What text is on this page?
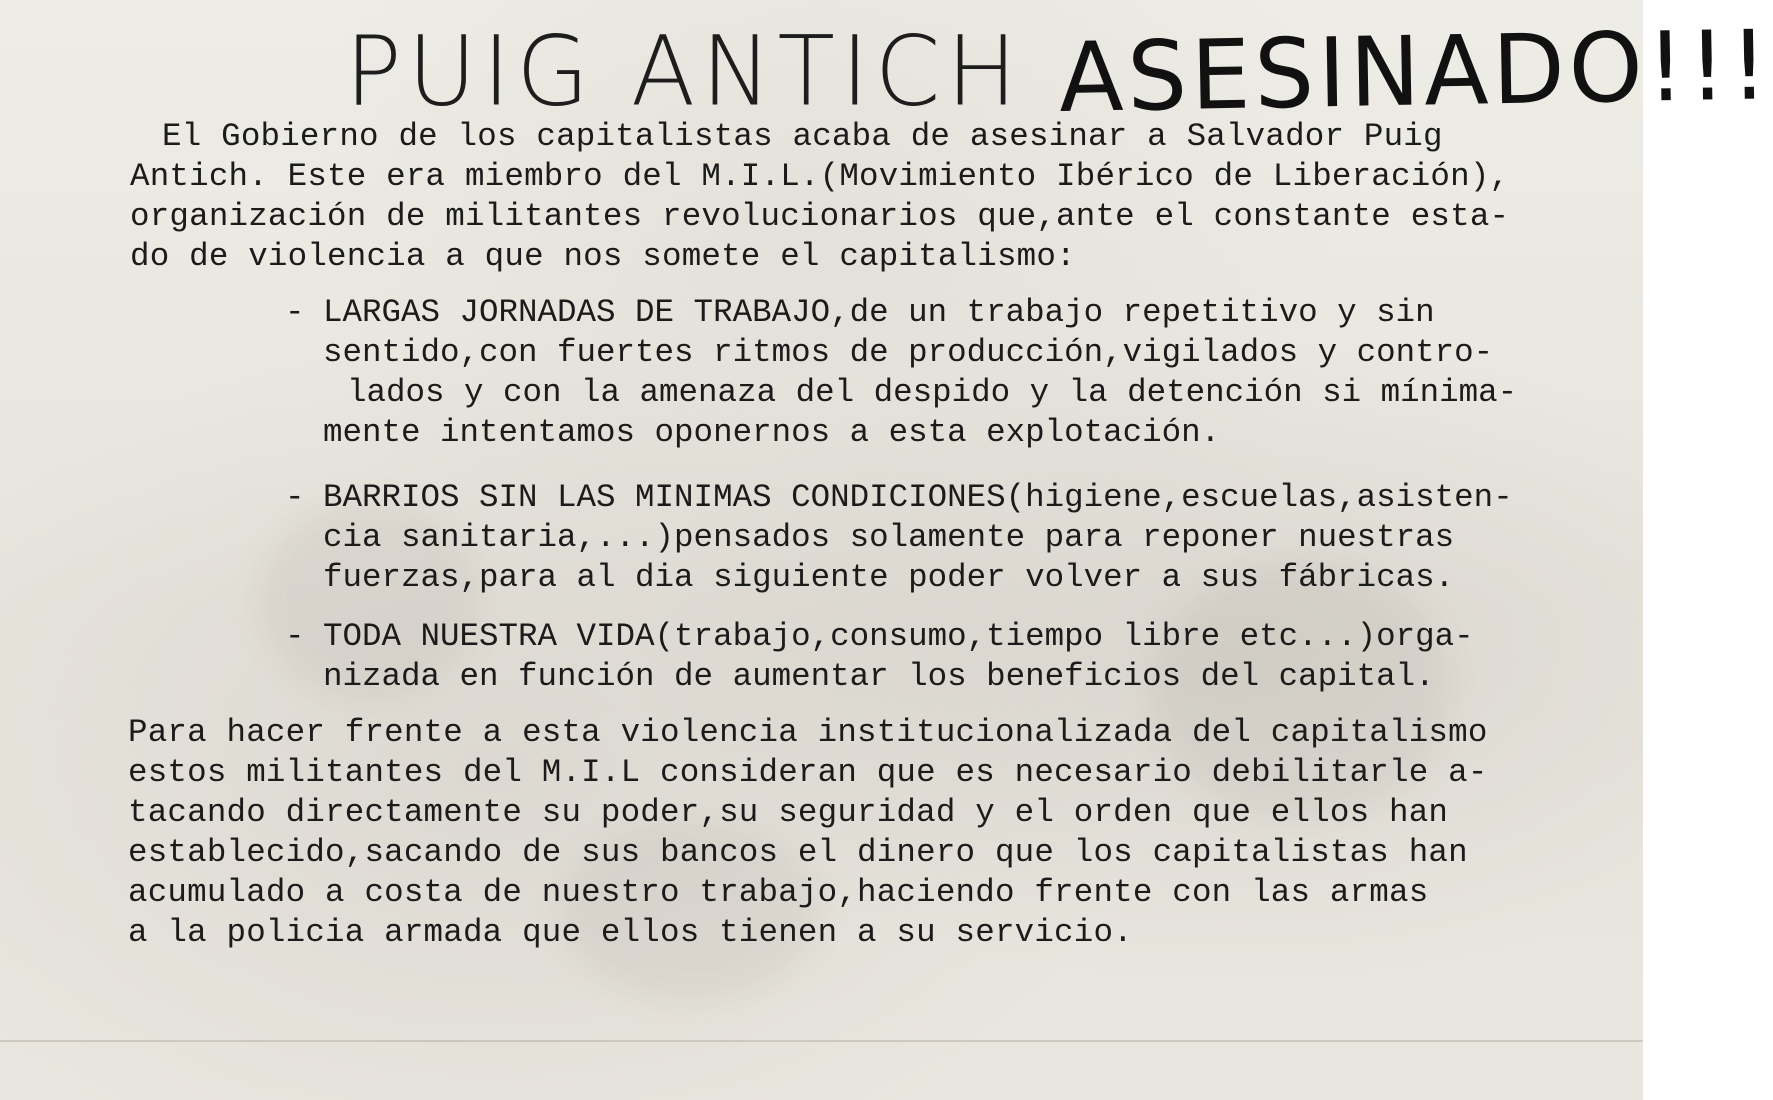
PUIG ANTICH ASESINADO!!!
El Gobierno de los capitalistas acaba de asesinar a Salvador Puig
Antich. Este era miembro del M.I.L.(Movimiento Ibérico de Liberación),
organización de militantes revolucionarios que,ante el constante esta-
do de violencia a que nos somete el capitalismo:
- LARGAS JORNADAS DE TRABAJO,de un trabajo repetitivo y sin
sentido,con fuertes ritmos de producción,vigilados y contro-
lados y con la amenaza del despido y la detención si mínima-
mente intentamos oponernos a esta explotación.
- BARRIOS SIN LAS MINIMAS CONDICIONES(higiene,escuelas,asisten-
cia sanitaria,...)pensados solamente para reponer nuestras
fuerzas,para al dia siguiente poder volver a sus fábricas.
- TODA NUESTRA VIDA(trabajo,consumo,tiempo libre etc...)orga-
nizada en función de aumentar los beneficios del capital.
Para hacer frente a esta violencia institucionalizada del capitalismo
estos militantes del M.I.L consideran que es necesario debilitarle a-
tacando directamente su poder,su seguridad y el orden que ellos han
establecido,sacando de sus bancos el dinero que los capitalistas han
acumulado a costa de nuestro trabajo,haciendo frente con las armas
a la policia armada que ellos tienen a su servicio.
